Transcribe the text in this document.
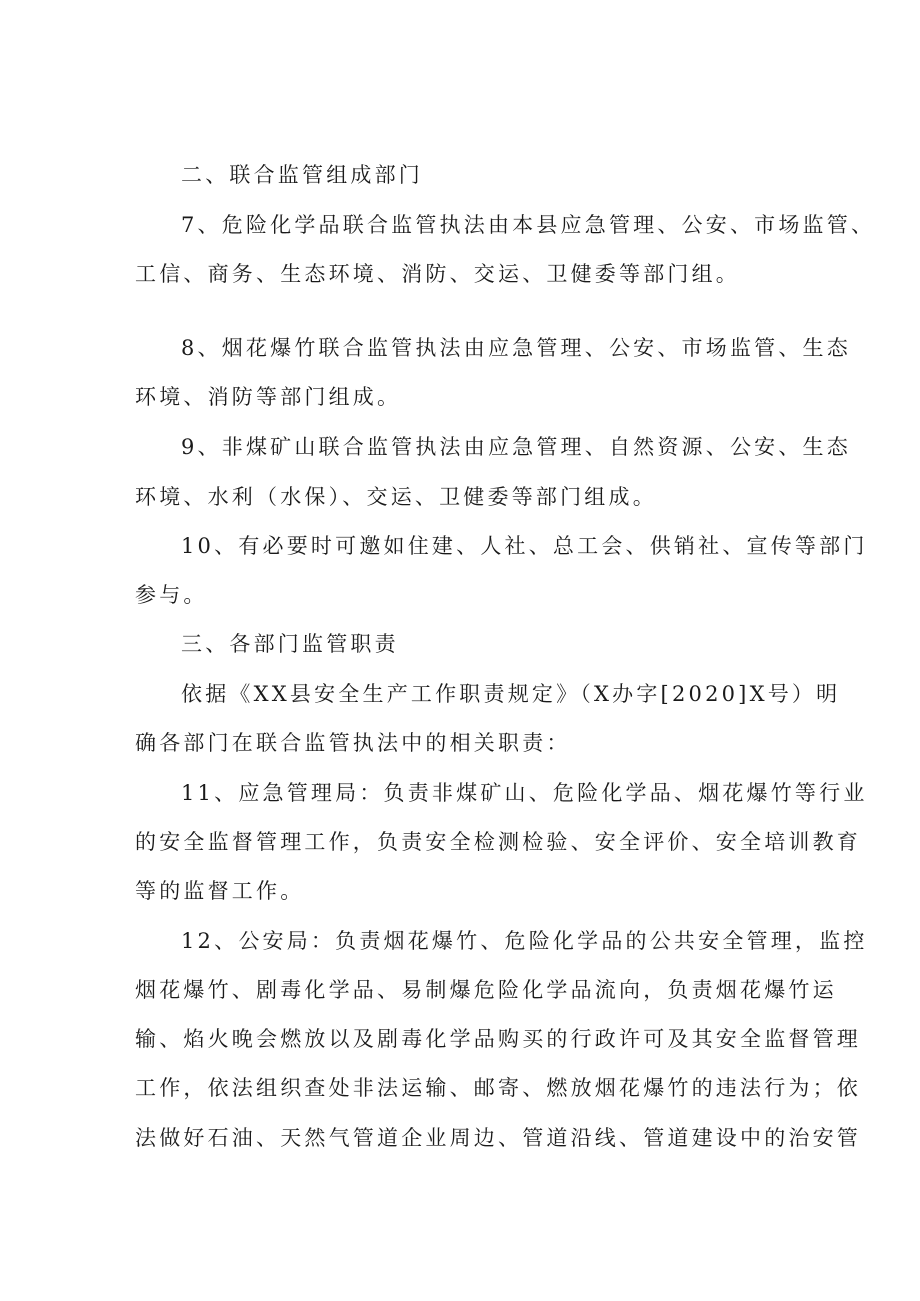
二、联合监管组成部门
7、危险化学品联合监管执法由本县应急管理、公安、市场监管、
工信、商务、生态环境、消防、交运、卫健委等部门组。
8、烟花爆竹联合监管执法由应急管理、公安、市场监管、生态
环境、消防等部门组成。
9、非煤矿山联合监管执法由应急管理、自然资源、公安、生态
环境、水利（水保）、交运、卫健委等部门组成。
10、有必要时可邀如住建、人社、总工会、供销社、宣传等部门
参与。
三、各部门监管职责
依据《XX县安全生产工作职责规定》（X办字[2020]X号）明
确各部门在联合监管执法中的相关职责：
11、应急管理局：负责非煤矿山、危险化学品、烟花爆竹等行业
的安全监督管理工作，负责安全检测检验、安全评价、安全培训教育
等的监督工作。
12、公安局：负责烟花爆竹、危险化学品的公共安全管理，监控
烟花爆竹、剧毒化学品、易制爆危险化学品流向，负责烟花爆竹运
输、焰火晚会燃放以及剧毒化学品购买的行政许可及其安全监督管理
工作，依法组织查处非法运输、邮寄、燃放烟花爆竹的违法行为；依
法做好石油、天然气管道企业周边、管道沿线、管道建设中的治安管
